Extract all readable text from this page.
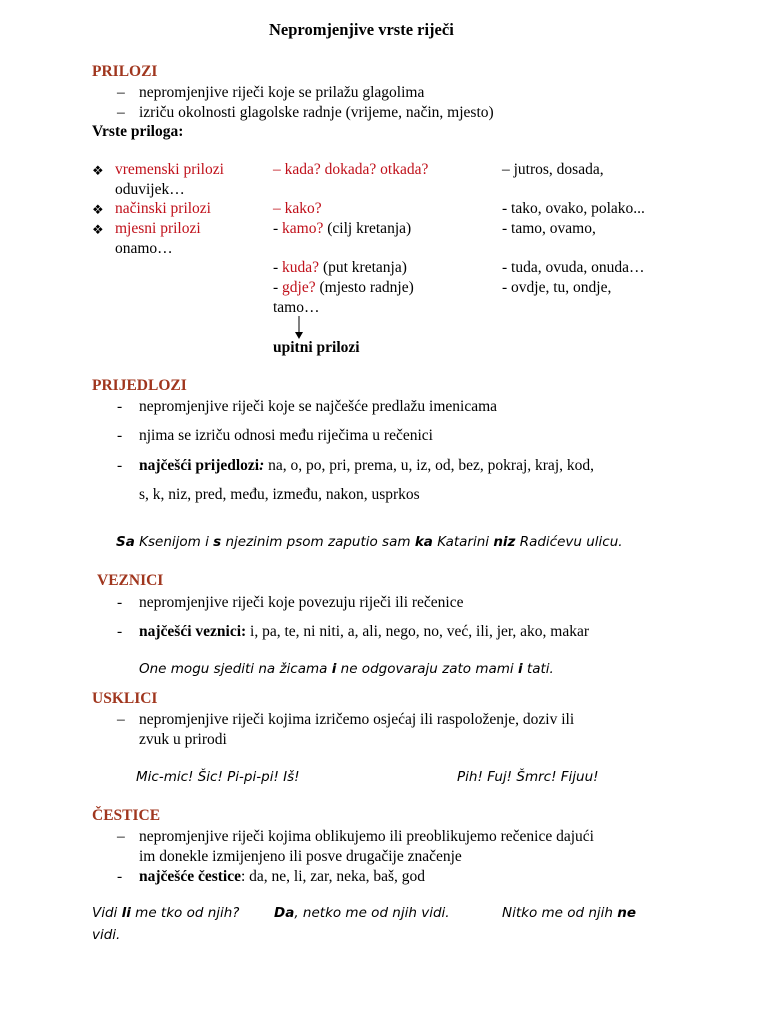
Nepromjenjive vrste riječi
PRILOZI
– nepromjenjive riječi koje se prilažu glagolima
– izriču okolnosti glagolske radnje (vrijeme, način, mjesto)
Vrste priloga:
❖ vremenski prilozi	– kada? dokada? otkada?	– jutros, dosada,
oduvijek…
❖ načinski prilozi	– kako?	- tako, ovako, polako...
❖ mjesni prilozi	- kamo? (cilj kretanja)	- tamo, ovamo,
onamo…
- kuda? (put kretanja)	- tuda, ovuda, onuda…
- gdje? (mjesto radnje)	- ovdje, tu, ondje,
tamo…
upitni prilozi
PRIJEDLOZI
- nepromjenjive riječi koje se najčešće predlažu imenicama
- njima se izriču odnosi među riječima u rečenici
- najčešći prijedlozi: na, o, po, pri, prema, u, iz, od, bez, pokraj, kraj, kod,
s, k, niz, pred, među, između, nakon, usprkos
Sa Ksenijom i s njezinim psom zaputio sam ka Katarini niz Radićevu ulicu.
VEZNICI
- nepromjenjive riječi koje povezuju riječi ili rečenice
- najčešći veznici: i, pa, te, ni niti, a, ali, nego, no, već, ili, jer, ako, makar
One mogu sjediti na žicama i ne odgovaraju zato mami i tati.
USKLICI
– nepromjenjive riječi kojima izričemo osjećaj ili raspoloženje, doziv ili
zvuk u prirodi
Mic-mic! Šic! Pi-pi-pi! Iš!	Pih! Fuj! Šmrc! Fijuu!
ČESTICE
– nepromjenjive riječi kojima oblikujemo ili preoblikujemo rečenice dajući
im donekle izmijenjeno ili posve drugačije značenje
- najčešće čestice: da, ne, li, zar, neka, baš, god
Vidi li me tko od njih?	Da, netko me od njih vidi.	Nitko me od njih ne
vidi.
